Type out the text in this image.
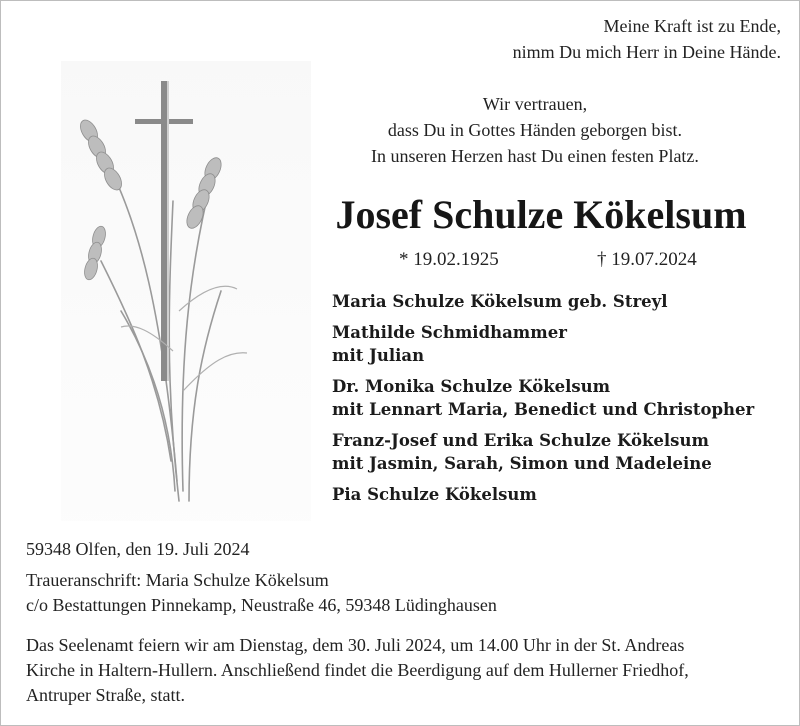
Meine Kraft ist zu Ende,
nimm Du mich Herr in Deine Hände.
Wir vertrauen,
dass Du in Gottes Händen geborgen bist.
In unseren Herzen hast Du einen festen Platz.
Josef Schulze Kökelsum
* 19.02.1925	† 19.07.2024
Maria Schulze Kökelsum geb. Streyl
Mathilde Schmidhammer
mit Julian
Dr. Monika Schulze Kökelsum
mit Lennart Maria, Benedict und Christopher
Franz-Josef und Erika Schulze Kökelsum
mit Jasmin, Sarah, Simon und Madeleine
Pia Schulze Kökelsum
59348 Olfen, den 19. Juli 2024
Traueranschrift: Maria Schulze Kökelsum
c/o Bestattungen Pinnekamp, Neustraße 46, 59348 Lüdinghausen
Das Seelenamt feiern wir am Dienstag, dem 30. Juli 2024, um 14.00 Uhr in der St. Andreas
Kirche in Haltern-Hullern. Anschließend findet die Beerdigung auf dem Hullerner Friedhof,
Antruper Straße, statt.
